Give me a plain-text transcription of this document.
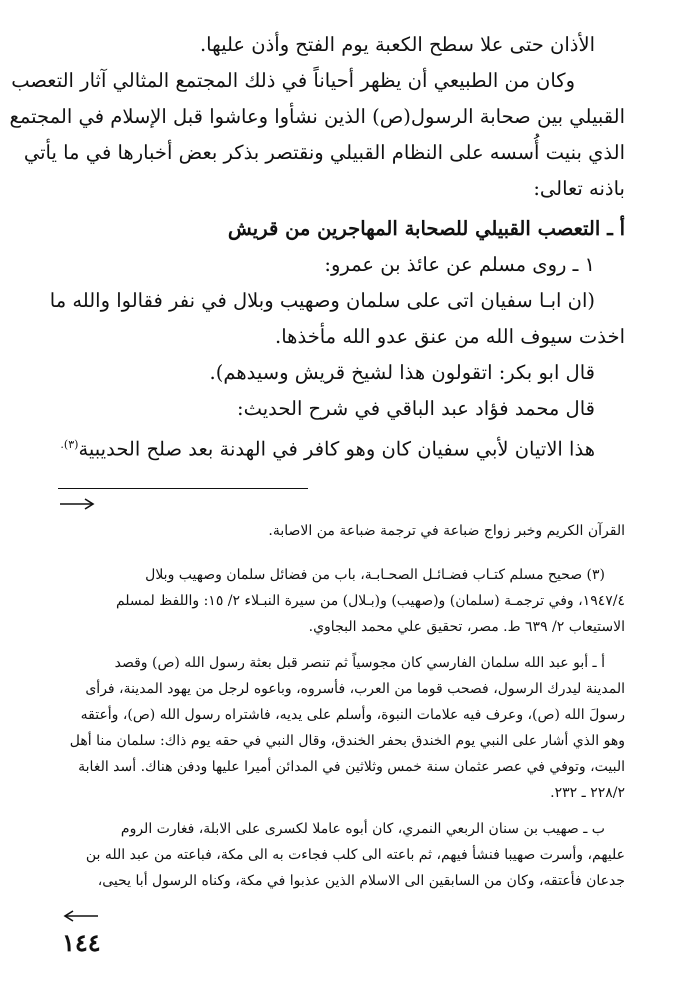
الأذان حتى علا سطح الكعبة يوم الفتح وأذن عليها.

وكان من الطبيعي أن يظهر أحياناً في ذلك المجتمع المثالي آثار التعصب

القبيلي بين صحابة الرسول(ص) الذين نشأوا وعاشوا قبل الإسلام في المجتمع

الذي بنيت أُسسه على النظام القبيلي ونقتصر بذكر بعض أخبارها في ما يأتي

باذنه تعالى:

أ ـ التعصب القبيلي للصحابة المهاجرين من قريش

١ ـ روى مسلم عن عائذ بن عمرو:

(ان ابـا سفيان اتى على سلمان وصهيب وبلال في نفر فقالوا والله ما

اخذت سيوف الله من عنق عدو الله مأخذها.

قال ابو بكر: اتقولون هذا لشيخ قريش وسيدهم).

قال محمد فؤاد عبد الباقي في شرح الحديث:

هذا الاتيان لأبي سفيان كان وهو كافر في الهدنة بعد صلح الحديبية$^{(٣).}$

القرآن الكريم وخبر زواج ضباعة في ترجمة ضباعة من الاصابة.

(٣) صحيح مسلم كتـاب فضـائـل الصحـابـة، باب من فضائل سلمان وصهيب وبلال

١٩٤٧/٤، وفي ترجمـة (سلمان) و(صهيب) و(بـلال) من سيرة النبـلاء ٢/ ١٥: واللفظ لمسلم

الاستيعاب ٢/ ٦٣٩ ط. مصر، تحقيق علي محمد البجاوي.

أ ـ أبو عبد الله سلمان الفارسي كان مجوسياً ثم تنصر قبل بعثة رسول الله (ص) وقصد

المدينة ليدرك الرسول، فصحب قوما من العرب، فأسروه، وباعوه لرجل من يهود المدينة، فرأى

رسولَ الله (ص)، وعرف فيه علامات النبوة، وأسلم على يديه، فاشتراه رسول الله (ص)، وأعتقه

وهو الذي أشار على النبي يوم الخندق بحفر الخندق، وقال النبي في حقه يوم ذاك: سلمان منا أهل

البيت، وتوفي في عصر عثمان سنة خمس وثلاثين في المدائن أميرا عليها ودفن هناك. أسد الغابة

٢٢٨/٢ ـ ٢٣٢.

ب ـ صهيب بن سنان الربعي النمري، كان أبوه عاملا لكسرى على الابلة، فغارت الروم

عليهم، وأسرت صهيبا فنشأ فيهم، ثم باعته الى كلب فجاءت به الى مكة، فباعته من عبد الله بن

جدعان فأعتقه، وكان من السابقين الى الاسلام الذين عذبوا في مكة، وكناه الرسول أبا يحيى،

١٤٤
